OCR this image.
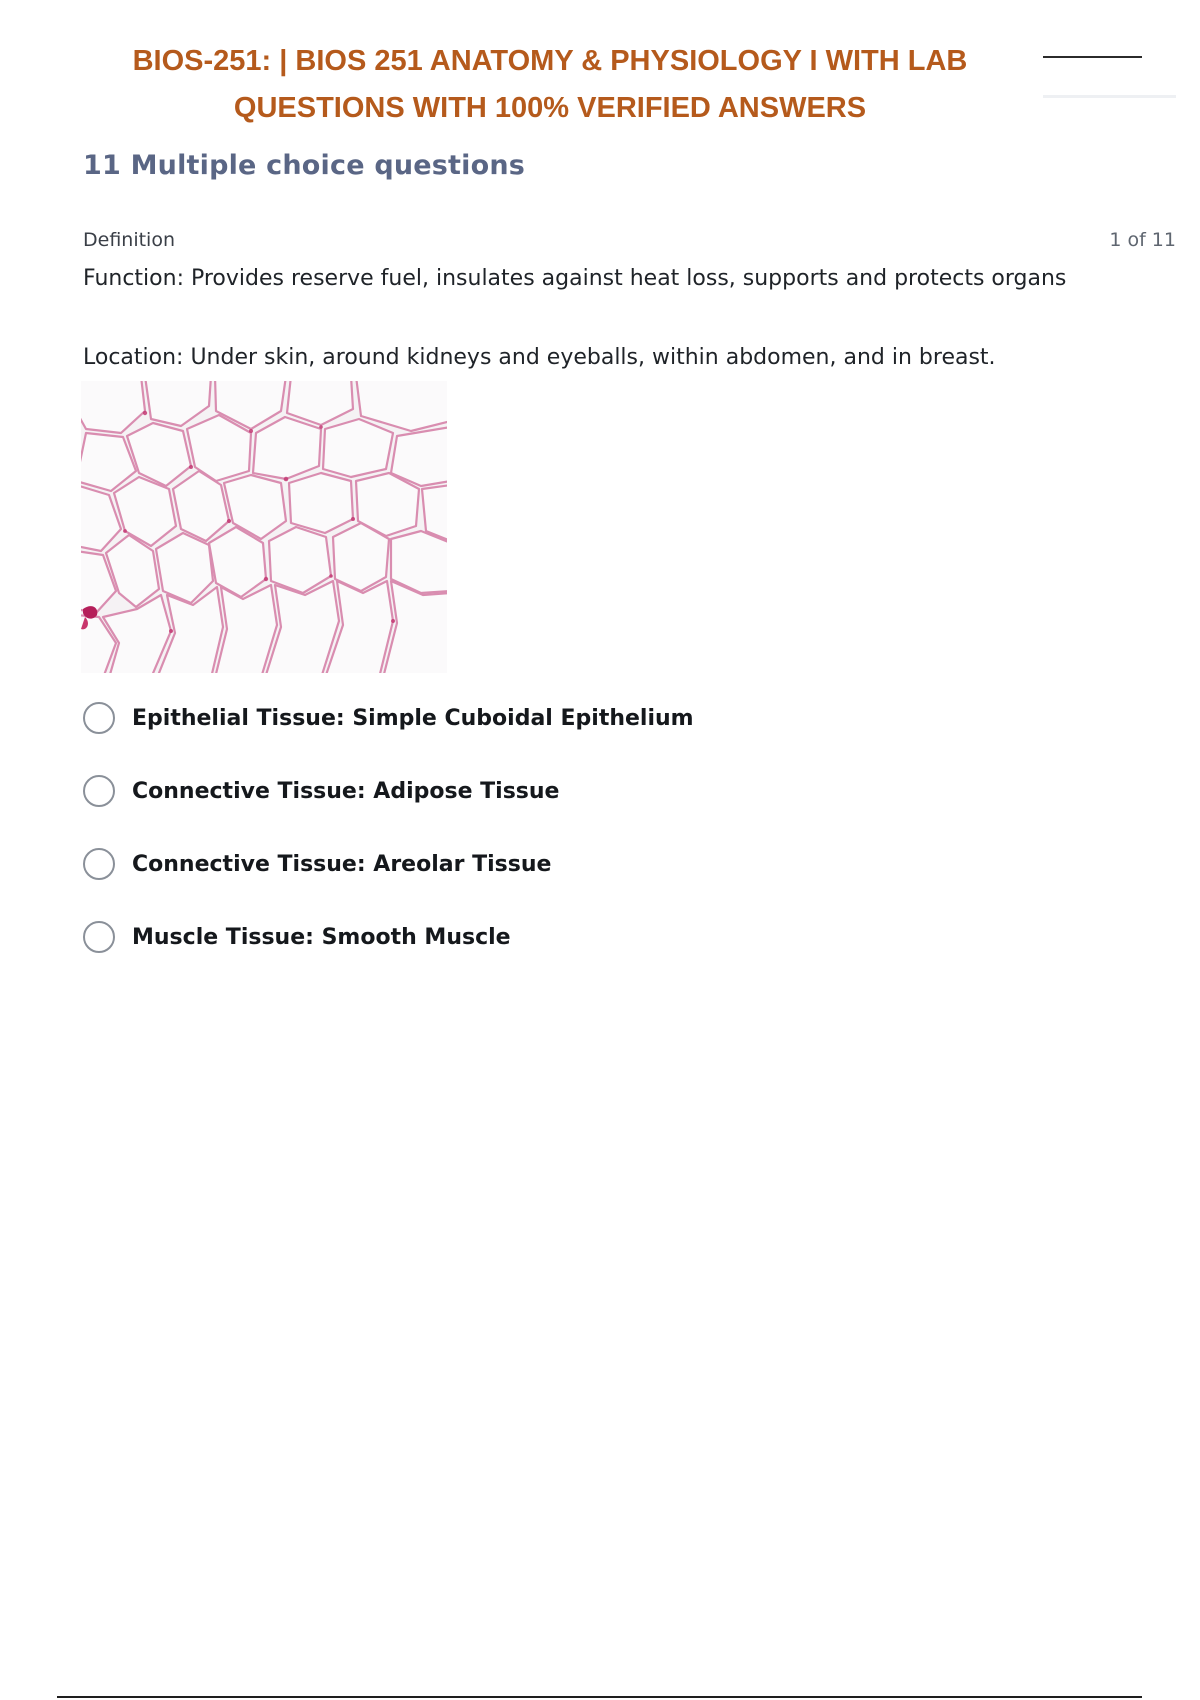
BIOS-251: | BIOS 251 ANATOMY & PHYSIOLOGY I WITH LAB
QUESTIONS WITH 100% VERIFIED ANSWERS
11 Multiple choice questions
Definition	1 of 11
Function: Provides reserve fuel, insulates against heat loss, supports and protects organs
Location: Under skin, around kidneys and eyeballs, within abdomen, and in breast.
Epithelial Tissue: Simple Cuboidal Epithelium
Connective Tissue: Adipose Tissue
Connective Tissue: Areolar Tissue
Muscle Tissue: Smooth Muscle
